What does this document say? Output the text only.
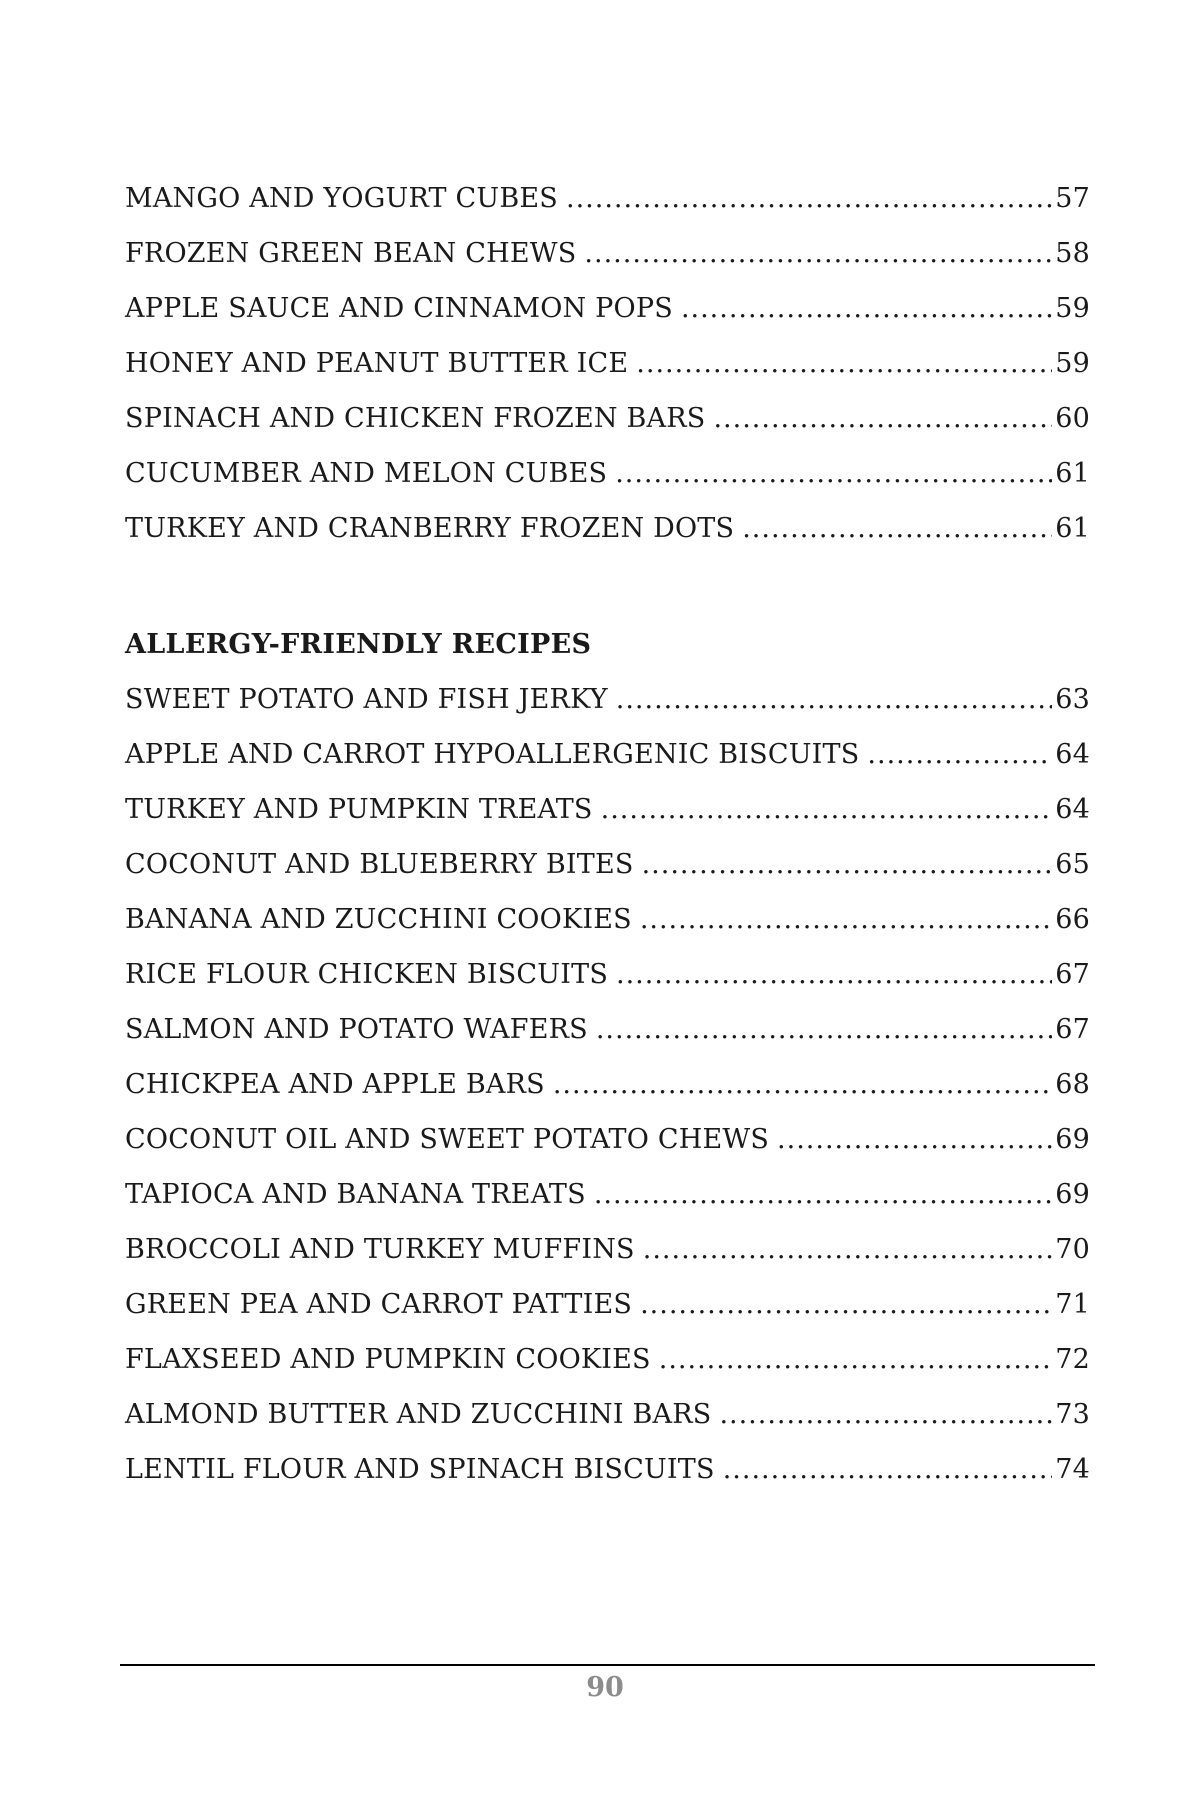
MANGO AND YOGURT CUBES .....	57
FROZEN GREEN BEAN CHEWS .....	58
APPLE SAUCE AND CINNAMON POPS .....	59
HONEY AND PEANUT BUTTER ICE .....	59
SPINACH AND CHICKEN FROZEN BARS .....	60
CUCUMBER AND MELON CUBES .....	61
TURKEY AND CRANBERRY FROZEN DOTS .....	61
ALLERGY-FRIENDLY RECIPES
SWEET POTATO AND FISH JERKY .....	63
APPLE AND CARROT HYPOALLERGENIC BISCUITS .....	64
TURKEY AND PUMPKIN TREATS .....	64
COCONUT AND BLUEBERRY BITES .....	65
BANANA AND ZUCCHINI COOKIES .....	66
RICE FLOUR CHICKEN BISCUITS .....	67
SALMON AND POTATO WAFERS .....	67
CHICKPEA AND APPLE BARS .....	68
COCONUT OIL AND SWEET POTATO CHEWS .....	69
TAPIOCA AND BANANA TREATS .....	69
BROCCOLI AND TURKEY MUFFINS .....	70
GREEN PEA AND CARROT PATTIES .....	71
FLAXSEED AND PUMPKIN COOKIES .....	72
ALMOND BUTTER AND ZUCCHINI BARS .....	73
LENTIL FLOUR AND SPINACH BISCUITS .....	74
90
